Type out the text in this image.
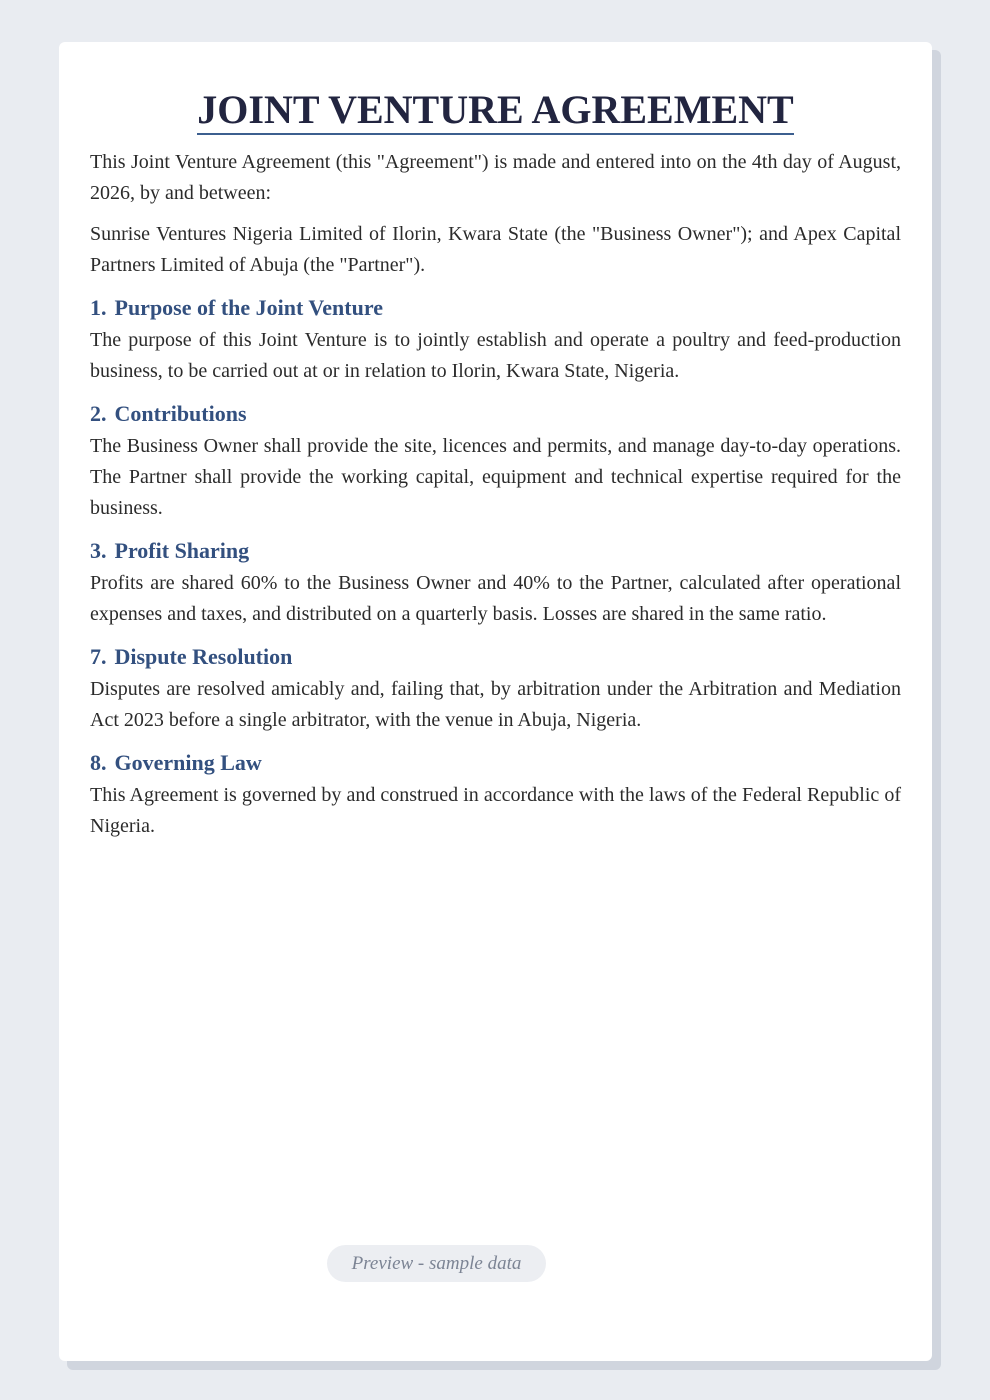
JOINT VENTURE AGREEMENT

This Joint Venture Agreement (this "Agreement") is made and entered into on the 4th day of August, 2026, by and between:

Sunrise Ventures Nigeria Limited of Ilorin, Kwara State (the "Business Owner"); and Apex Capital Partners Limited of Abuja (the "Partner").

1. Purpose of the Joint Venture

The purpose of this Joint Venture is to jointly establish and operate a poultry and feed-production business, to be carried out at or in relation to Ilorin, Kwara State, Nigeria.

2. Contributions

The Business Owner shall provide the site, licences and permits, and manage day-to-day operations. The Partner shall provide the working capital, equipment and technical expertise required for the business.

3. Profit Sharing

Profits are shared 60% to the Business Owner and 40% to the Partner, calculated after operational expenses and taxes, and distributed on a quarterly basis. Losses are shared in the same ratio.

7. Dispute Resolution

Disputes are resolved amicably and, failing that, by arbitration under the Arbitration and Mediation Act 2023 before a single arbitrator, with the venue in Abuja, Nigeria.

8. Governing Law

This Agreement is governed by and construed in accordance with the laws of the Federal Republic of Nigeria.

Preview - sample data
